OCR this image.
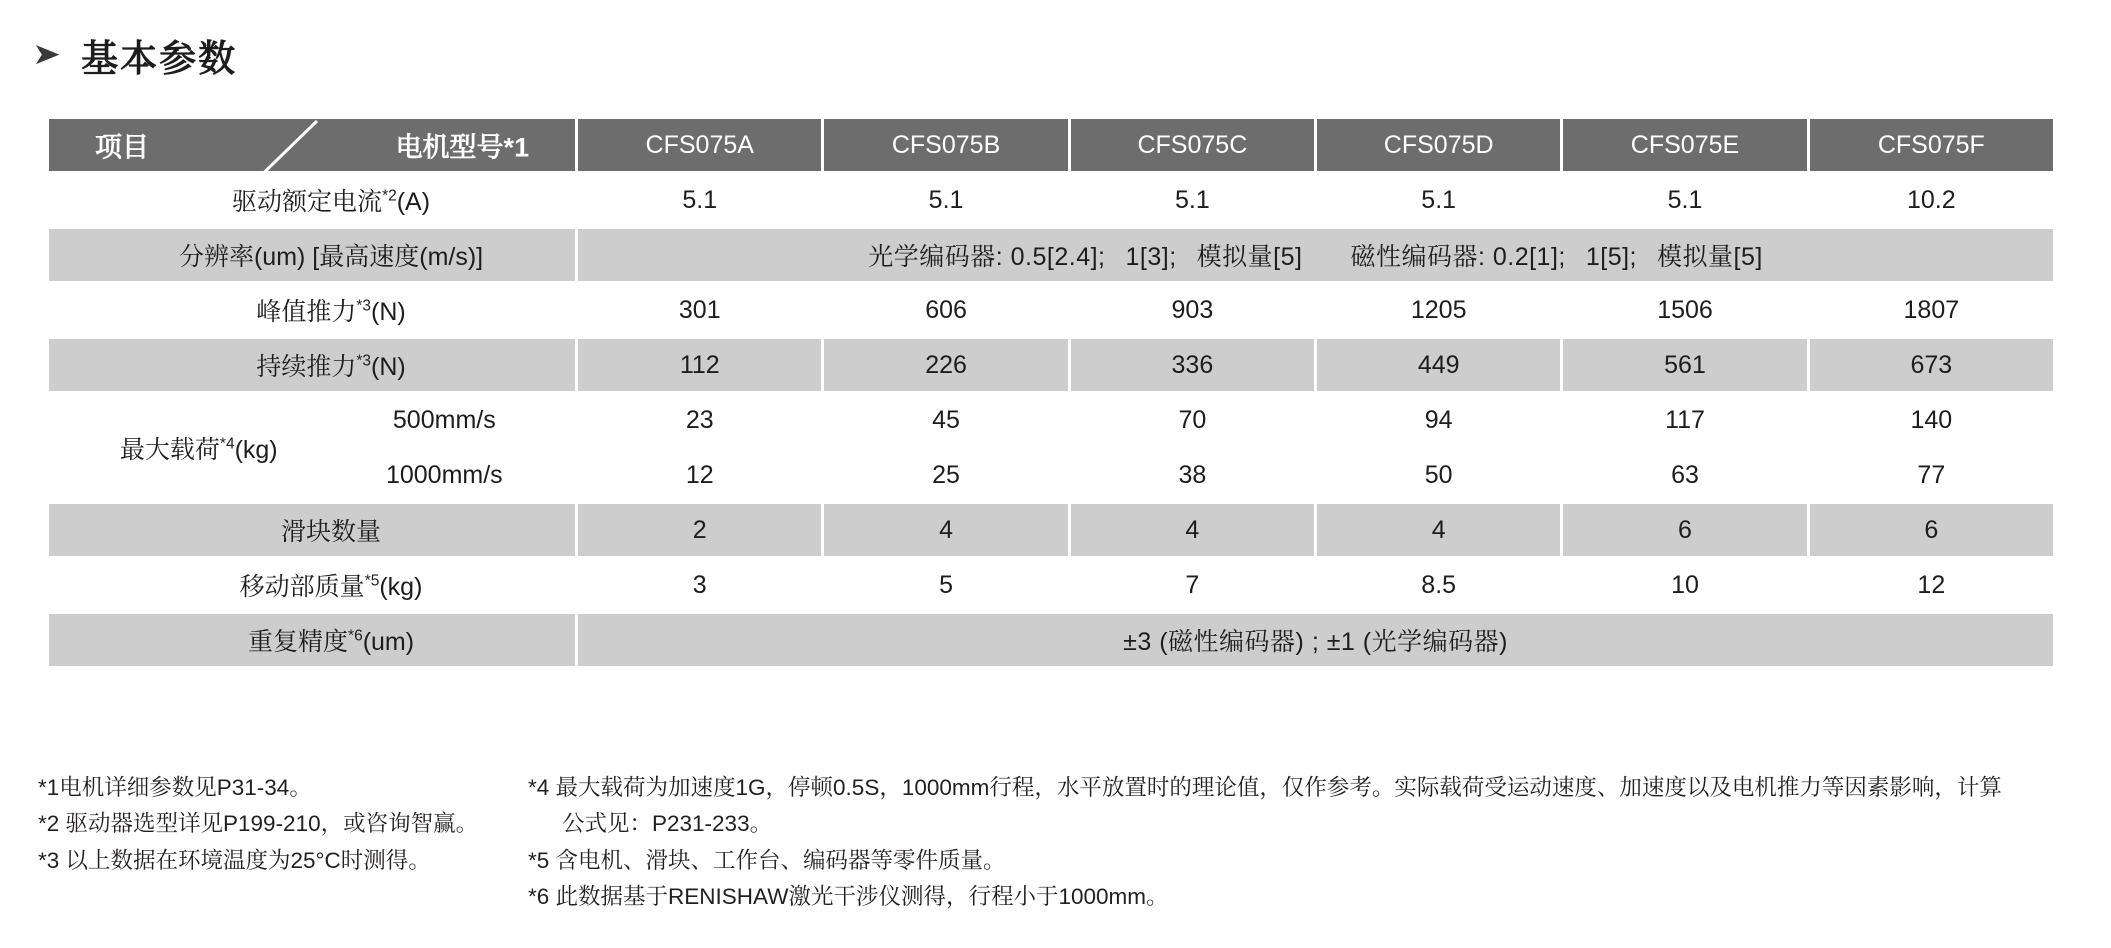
➤ 基本参数
项目 电机型号*1		CFS075A	CFS075B	CFS075C	CFS075D	CFS075E	CFS075F
驱动额定电流$^{*2}$(A)		5.1	5.1	5.1	5.1	5.1	10.2
分辨率(um) [最高速度(m/s)]		光学编码器: 0.5[2.4]; 1[3]; 模拟量[5] 磁性编码器: 0.2[1]; 1[5]; 模拟量[5]					
峰值推力$^{*3}$(N)		301	606	903	1205	1506	1807
持续推力$^{*3}$(N)		112	226	336	449	561	673
最大载荷$^{*4}$(kg)	500mm/s	23	45	70	94	117	140
	1000mm/s	12	25	38	50	63	77
滑块数量		2	4	4	4	6	6
移动部质量$^{*5}$(kg)		3	5	7	8.5	10	12
重复精度$^{*6}$(um)		±3 (磁性编码器) ; ±1 (光学编码器)					
*1电机详细参数见P31-34。
*2 驱动器选型详见P199-210，或咨询智赢。
*3 以上数据在环境温度为25°C时测得。
*4 最大载荷为加速度1G，停顿0.5S，1000mm行程，水平放置时的理论值，仅作参考。实际载荷受运动速度、加速度以及电机推力等因素影响，计算
公式见：P231-233。
*5 含电机、滑块、工作台、编码器等零件质量。
*6 此数据基于RENISHAW激光干涉仪测得，行程小于1000mm。
